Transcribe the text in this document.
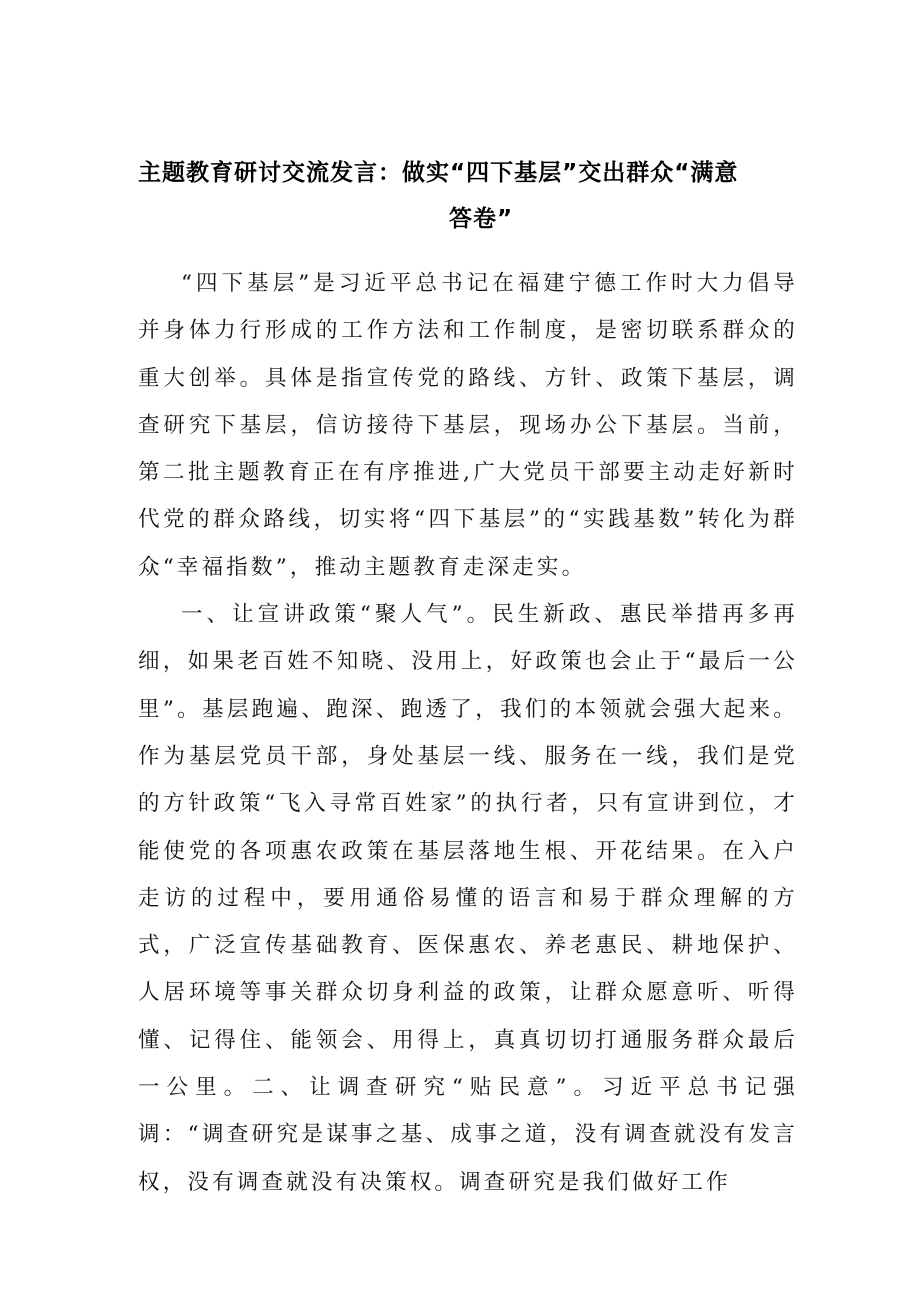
主题教育研讨交流发言：做实“四下基层”交出群众“满意
答卷”

“四下基层”是习近平总书记在福建宁德工作时大力倡导并身体力行形成的工作方法和工作制度，是密切联系群众的重大创举。具体是指宣传党的路线、方针、政策下基层，调查研究下基层，信访接待下基层，现场办公下基层。当前，第二批主题教育正在有序推进,广大党员干部要主动走好新时代党的群众路线，切实将“四下基层”的“实践基数”转化为群众“幸福指数”，推动主题教育走深走实。

一、让宣讲政策“聚人气”。民生新政、惠民举措再多再细，如果老百姓不知晓、没用上，好政策也会止于“最后一公里”。基层跑遍、跑深、跑透了，我们的本领就会强大起来。作为基层党员干部，身处基层一线、服务在一线，我们是党的方针政策“飞入寻常百姓家”的执行者，只有宣讲到位，才能使党的各项惠农政策在基层落地生根、开花结果。在入户走访的过程中，要用通俗易懂的语言和易于群众理解的方式，广泛宣传基础教育、医保惠农、养老惠民、耕地保护、人居环境等事关群众切身利益的政策，让群众愿意听、听得懂、记得住、能领会、用得上，真真切切打通服务群众最后一公里。二、让调查研究“贴民意”。习近平总书记强调：“调查研究是谋事之基、成事之道，没有调查就没有发言权，没有调查就没有决策权。调查研究是我们做好工作
